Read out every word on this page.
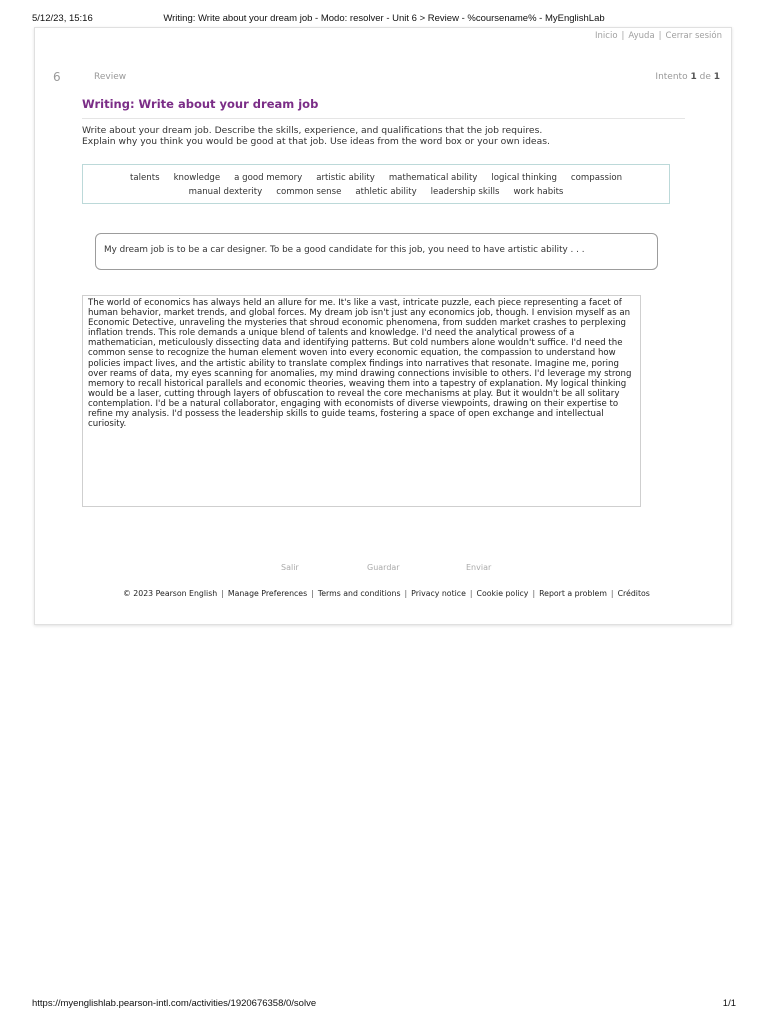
5/12/23, 15:16	Writing: Write about your dream job - Modo: resolver - Unit 6 > Review - %coursename% - MyEnglishLab
Inicio | Ayuda | Cerrar sesión
6	Review	Intento 1 de 1
Writing: Write about your dream job

Write about your dream job. Describe the skills, experience, and qualifications that the job requires.

Explain why you think you would be good at that job. Use ideas from the word box or your own ideas.

talents knowledge a good memory artistic ability mathematical ability logical thinking compassion
manual dexterity common sense athletic ability leadership skills work habits
My dream job is to be a car designer. To be a good candidate for this job, you need to have artistic ability . . .
The world of economics has always held an allure for me. It's like a vast, intricate puzzle, each piece representing a facet of human behavior, market trends, and global forces. My dream job isn't just any economics job, though. I envision myself as an Economic Detective, unraveling the mysteries that shroud economic phenomena, from sudden market crashes to perplexing inflation trends. This role demands a unique blend of talents and knowledge. I'd need the analytical prowess of a mathematician, meticulously dissecting data and identifying patterns. But cold numbers alone wouldn't suffice. I'd need the common sense to recognize the human element woven into every economic equation, the compassion to understand how policies impact lives, and the artistic ability to translate complex findings into narratives that resonate. Imagine me, poring over reams of data, my eyes scanning for anomalies, my mind drawing connections invisible to others. I'd leverage my strong memory to recall historical parallels and economic theories, weaving them into a tapestry of explanation. My logical thinking would be a laser, cutting through layers of obfuscation to reveal the core mechanisms at play. But it wouldn't be all solitary contemplation. I'd be a natural collaborator, engaging with economists of diverse viewpoints, drawing on their expertise to refine my analysis. I'd possess the leadership skills to guide teams, fostering a space of open exchange and intellectual curiosity.
Salir	Guardar	Enviar
© 2023 Pearson English | Manage Preferences | Terms and conditions | Privacy notice | Cookie policy | Report a problem | Créditos
https://myenglishlab.pearson-intl.com/activities/1920676358/0/solve	1/1
